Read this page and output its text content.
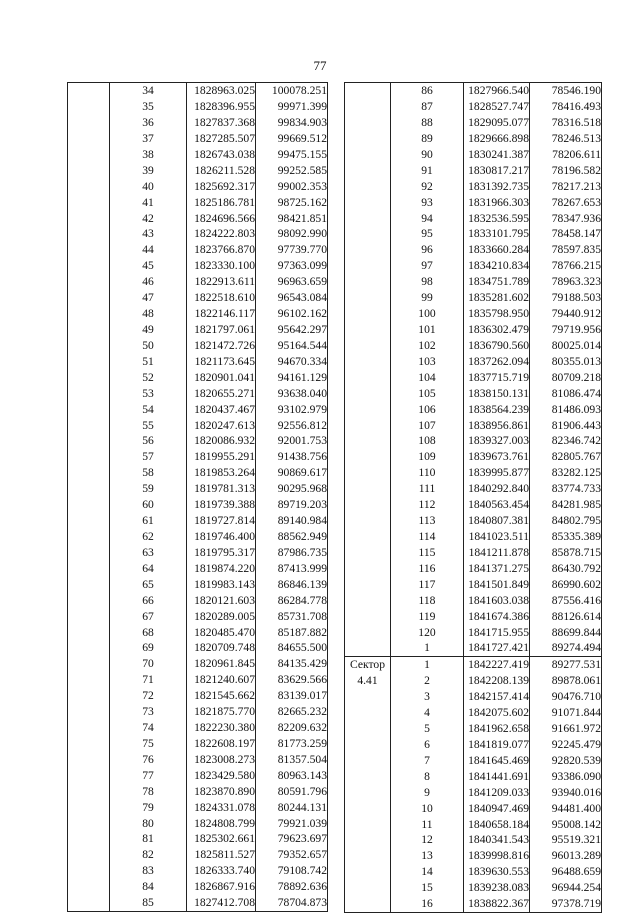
77
	34	1828963.025	100078.251
	35	1828396.955	99971.399
	36	1827837.368	99834.903
	37	1827285.507	99669.512
	38	1826743.038	99475.155
	39	1826211.528	99252.585
	40	1825692.317	99002.353
	41	1825186.781	98725.162
	42	1824696.566	98421.851
	43	1824222.803	98092.990
	44	1823766.870	97739.770
	45	1823330.100	97363.099
	46	1822913.611	96963.659
	47	1822518.610	96543.084
	48	1822146.117	96102.162
	49	1821797.061	95642.297
	50	1821472.726	95164.544
	51	1821173.645	94670.334
	52	1820901.041	94161.129
	53	1820655.271	93638.040
	54	1820437.467	93102.979
	55	1820247.613	92556.812
	56	1820086.932	92001.753
	57	1819955.291	91438.756
	58	1819853.264	90869.617
	59	1819781.313	90295.968
	60	1819739.388	89719.203
	61	1819727.814	89140.984
	62	1819746.400	88562.949
	63	1819795.317	87986.735
	64	1819874.220	87413.999
	65	1819983.143	86846.139
	66	1820121.603	86284.778
	67	1820289.005	85731.708
	68	1820485.470	85187.882
	69	1820709.748	84655.500
	70	1820961.845	84135.429
	71	1821240.607	83629.566
	72	1821545.662	83139.017
	73	1821875.770	82665.232
	74	1822230.380	82209.632
	75	1822608.197	81773.259
	76	1823008.273	81357.504
	77	1823429.580	80963.143
	78	1823870.890	80591.796
	79	1824331.078	80244.131
	80	1824808.799	79921.039
	81	1825302.661	79623.697
	82	1825811.527	79352.657
	83	1826333.740	79108.742
	84	1826867.916	78892.636
	85	1827412.708	78704.873
	86	1827966.540	78546.190
	87	1828527.747	78416.493
	88	1829095.077	78316.518
	89	1829666.898	78246.513
	90	1830241.387	78206.611
	91	1830817.217	78196.582
	92	1831392.735	78217.213
	93	1831966.303	78267.653
	94	1832536.595	78347.936
	95	1833101.795	78458.147
	96	1833660.284	78597.835
	97	1834210.834	78766.215
	98	1834751.789	78963.323
	99	1835281.602	79188.503
	100	1835798.950	79440.912
	101	1836302.479	79719.956
	102	1836790.560	80025.014
	103	1837262.094	80355.013
	104	1837715.719	80709.218
	105	1838150.131	81086.474
	106	1838564.239	81486.093
	107	1838956.861	81906.443
	108	1839327.003	82346.742
	109	1839673.761	82805.767
	110	1839995.877	83282.125
	111	1840292.840	83774.733
	112	1840563.454	84281.985
	113	1840807.381	84802.795
	114	1841023.511	85335.389
	115	1841211.878	85878.715
	116	1841371.275	86430.792
	117	1841501.849	86990.602
	118	1841603.038	87556.416
	119	1841674.386	88126.614
	120	1841715.955	88699.844
	1	1841727.421	89274.494
Сектор	1	1842227.419	89277.531
4.41	2	1842208.139	89878.061
	3	1842157.414	90476.710
	4	1842075.602	91071.844
	5	1841962.658	91661.972
	6	1841819.077	92245.479
	7	1841645.469	92820.539
	8	1841441.691	93386.090
	9	1841209.033	93940.016
	10	1840947.469	94481.400
	11	1840658.184	95008.142
	12	1840341.543	95519.321
	13	1839998.816	96013.289
	14	1839630.553	96488.659
	15	1839238.083	96944.254
	16	1838822.367	97378.719
